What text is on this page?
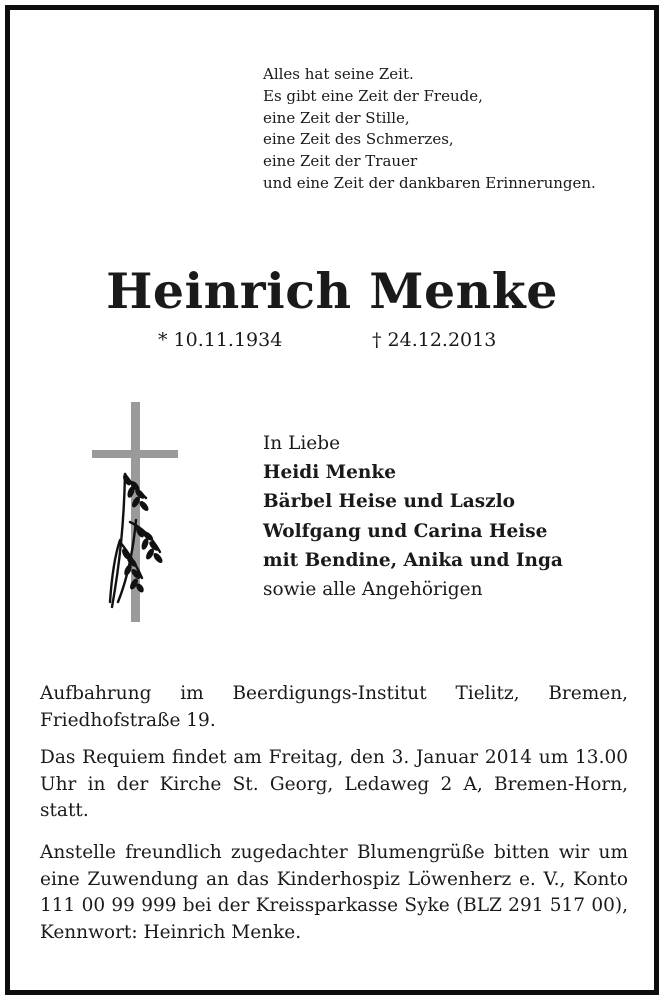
Alles hat seine Zeit.
Es gibt eine Zeit der Freude,
eine Zeit der Stille,
eine Zeit des Schmerzes,
eine Zeit der Trauer
und eine Zeit der dankbaren Erinnerungen.
Heinrich Menke
* 10.11.1934	† 24.12.2013
In Liebe
Heidi Menke
Bärbel Heise und Laszlo
Wolfgang und Carina Heise
mit Bendine, Anika und Inga
sowie alle Angehörigen
Aufbahrung im Beerdigungs-Institut Tielitz, Bremen, Friedhofstraße 19.
Das Requiem findet am Freitag, den 3. Januar 2014 um 13.00 Uhr in der Kirche St. Georg, Ledaweg 2 A, Bremen-Horn, statt.
Anstelle freundlich zugedachter Blumengrüße bitten wir um eine Zuwendung an das Kinderhospiz Löwenherz e. V., Konto 111 00 99 999 bei der Kreissparkasse Syke (BLZ 291 517 00), Kennwort: Heinrich Menke.
